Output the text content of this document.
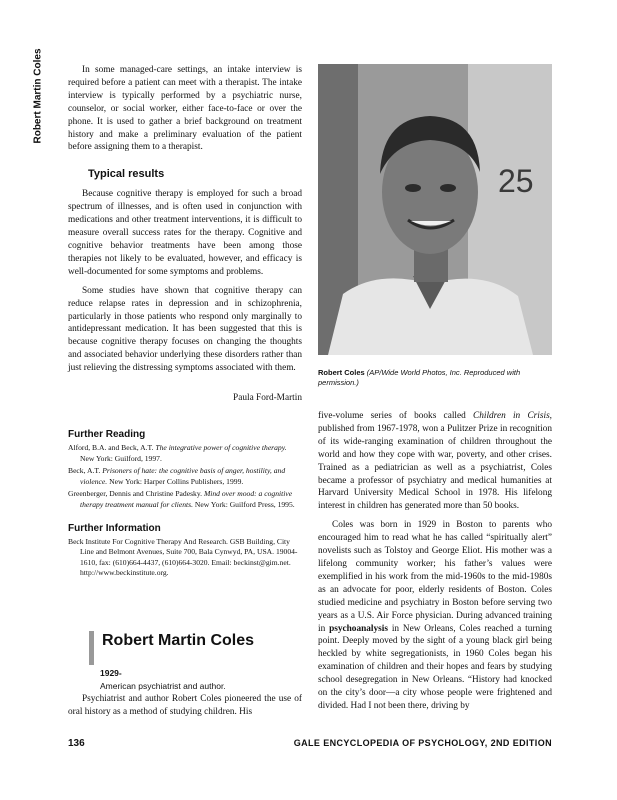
Robert Martin Coles	In some managed-care settings, an intake interview is required before a patient can meet with a therapist. The intake interview is typically performed by a psychiatric nurse, counselor, or social worker, either face-to-face or over the phone. It is used to gather a brief background on treatment history and make a preliminary evaluation of the patient before assigning them to a therapist.

Typical results

Because cognitive therapy is employed for such a broad spectrum of illnesses, and is often used in conjunction with medications and other treatment interventions, it is difficult to measure overall success rates for the therapy. Cognitive and cognitive behavior treatments have been among those therapies not likely to be evaluated, however, and efficacy is well-documented for some symptoms and problems.

Some studies have shown that cognitive therapy can reduce relapse rates in depression and in schizophrenia, particularly in those patients who respond only marginally to antidepressant medication. It has been suggested that this is because cognitive therapy focuses on changing the thoughts and associated behavior underlying these disorders rather than just relieving the distressing symptoms associated with them.

Paula Ford-Martin

Further Reading

Alford, B.A. and Beck, A.T. The integrative power of cognitive therapy. New York: Guilford, 1997.

Beck, A.T. Prisoners of hate: the cognitive basis of anger, hostility, and violence. New York: Harper Collins Publishers, 1999.

Greenberger, Dennis and Christine Padesky. Mind over mood: a cognitive therapy treatment manual for clients. New York: Guilford Press, 1995.

Further Information

Beck Institute For Cognitive Therapy And Research. GSB Building, City Line and Belmont Avenues, Suite 700, Bala Cynwyd, PA, USA. 19004-1610, fax: (610)664-4437, (610)664-3020. Email: beckinst@gim.net. http://www.beckinstitute.org.

Robert Martin Coles
1929-
American psychiatrist and author.

Psychiatrist and author Robert Coles pioneered the use of oral history as a method of studying children. His

25
Robert Coles (AP/Wide World Photos, Inc. Reproduced with permission.)

five-volume series of books called Children in Crisis, published from 1967-1978, won a Pulitzer Prize in recognition of its wide-ranging examination of children throughout the world and how they cope with war, poverty, and other crises. Trained as a pediatrician as well as a psychiatrist, Coles became a professor of psychiatry and medical humanities at Harvard University Medical School in 1978. His lifelong interest in children has generated more than 50 books.

Coles was born in 1929 in Boston to parents who encouraged him to read what he has called “spiritually alert” novelists such as Tolstoy and George Eliot. His mother was a lifelong community worker; his father’s values were exemplified in his work from the mid-1960s to the mid-1980s as an advocate for poor, elderly residents of Boston. Coles studied medicine and psychiatry in Boston before serving two years as a U.S. Air Force physician. During advanced training in psychoanalysis in New Orleans, Coles reached a turning point. Deeply moved by the sight of a young black girl being heckled by white segregationists, in 1960 Coles began his examination of children and their hopes and fears by studying school desegregation in New Orleans. “History had knocked on the city’s door—a city whose people were frightened and divided. Had I not been there, driving by

136	GALE ENCYCLOPEDIA OF PSYCHOLOGY, 2ND EDITION
